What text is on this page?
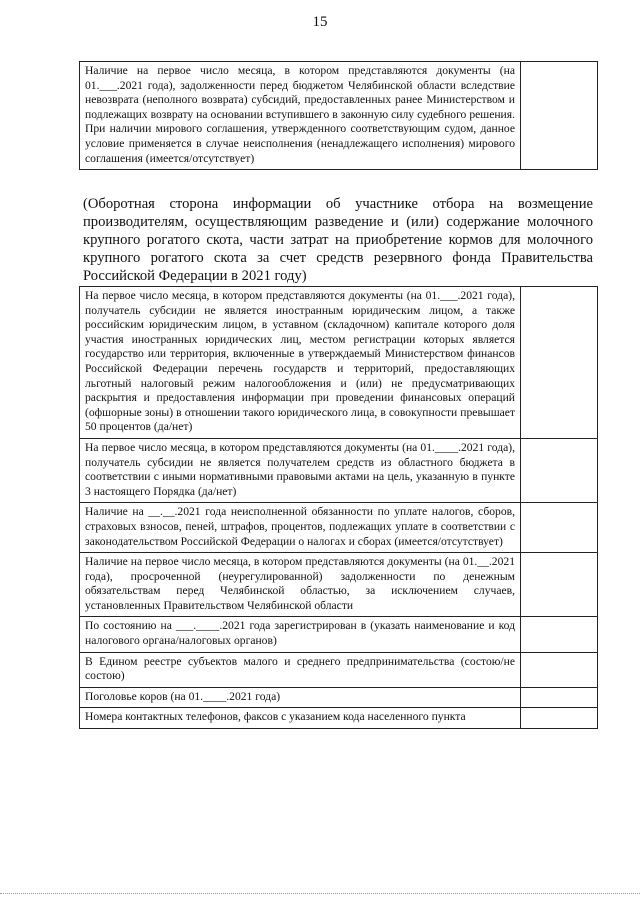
15
Наличие на первое число месяца, в котором представляются документы (на 01.___.2021 года), задолженности перед бюджетом Челябинской области вследствие невозврата (неполного возврата) субсидий, предоставленных ранее Министерством и подлежащих возврату на основании вступившего в законную силу судебного решения. При наличии мирового соглашения, утвержденного соответствующим судом, данное условие применяется в случае неисполнения (ненадлежащего исполнения) мирового соглашения (имеется/отсутствует)	
(Оборотная сторона информации об участнике отбора на возмещение производителям, осуществляющим разведение и (или) содержание молочного крупного рогатого скота, части затрат на приобретение кормов для молочного крупного рогатого скота за счет средств резервного фонда Правительства Российской Федерации в 2021 году)
На первое число месяца, в котором представляются документы (на 01.___.2021 года), получатель субсидии не является иностранным юридическим лицом, а также российским юридическим лицом, в уставном (складочном) капитале которого доля участия иностранных юридических лиц, местом регистрации которых является государство или территория, включенные в утверждаемый Министерством финансов Российской Федерации перечень государств и территорий, предоставляющих льготный налоговый режим налогообложения и (или) не предусматривающих раскрытия и предоставления информации при проведении финансовых операций (офшорные зоны) в отношении такого юридического лица, в совокупности превышает 50 процентов (да/нет)	
На первое число месяца, в котором представляются документы (на 01.____.2021 года), получатель субсидии не является получателем средств из областного бюджета в соответствии с иными нормативными правовыми актами на цель, указанную в пункте 3 настоящего Порядка (да/нет)	
Наличие на __.__.2021 года неисполненной обязанности по уплате налогов, сборов, страховых взносов, пеней, штрафов, процентов, подлежащих уплате в соответствии с законодательством Российской Федерации о налогах и сборах (имеется/отсутствует)	
Наличие на первое число месяца, в котором представляются документы (на 01.__.2021 года), просроченной (неурегулированной) задолженности по денежным обязательствам перед Челябинской областью, за исключением случаев, установленных Правительством Челябинской области	
По состоянию на ___.____.2021 года зарегистрирован в (указать наименование и код налогового органа/налоговых органов)	
В Едином реестре субъектов малого и среднего предпринимательства (состою/не состою)	
Поголовье коров (на 01.____.2021 года)	
Номера контактных телефонов, факсов с указанием кода населенного пункта	
